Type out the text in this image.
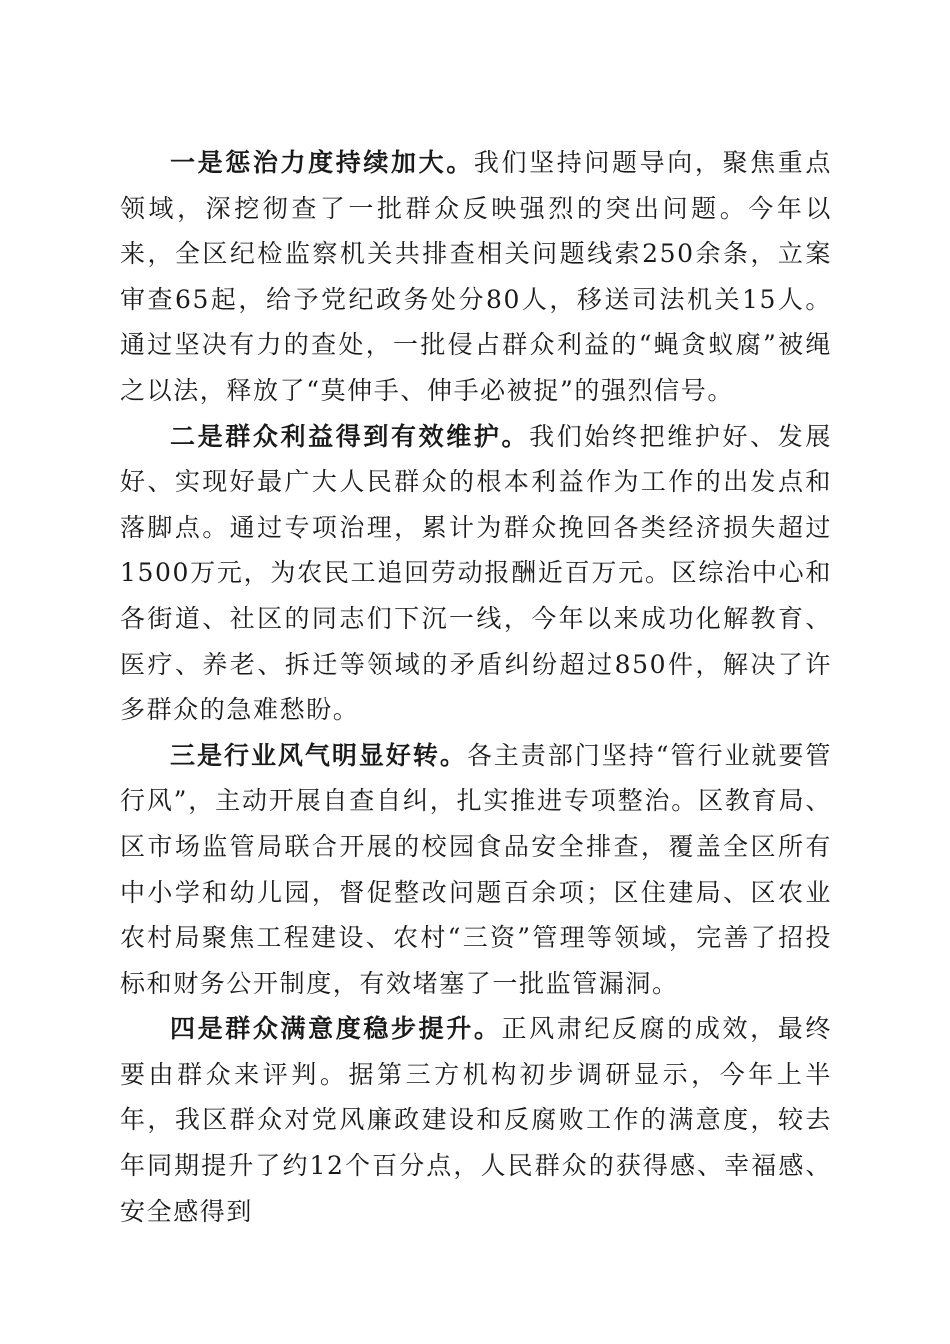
一是惩治力度持续加大。我们坚持问题导向，聚焦重点领域，深挖彻查了一批群众反映强烈的突出问题。今年以来，全区纪检监察机关共排查相关问题线索250余条，立案审查65起，给予党纪政务处分80人，移送司法机关15人。通过坚决有力的查处，一批侵占群众利益的“蝇贪蚁腐”被绳之以法，释放了“莫伸手、伸手必被捉”的强烈信号。

二是群众利益得到有效维护。我们始终把维护好、发展好、实现好最广大人民群众的根本利益作为工作的出发点和落脚点。通过专项治理，累计为群众挽回各类经济损失超过1500万元，为农民工追回劳动报酬近百万元。区综治中心和各街道、社区的同志们下沉一线，今年以来成功化解教育、医疗、养老、拆迁等领域的矛盾纠纷超过850件，解决了许多群众的急难愁盼。

三是行业风气明显好转。各主责部门坚持“管行业就要管行风”，主动开展自查自纠，扎实推进专项整治。区教育局、区市场监管局联合开展的校园食品安全排查，覆盖全区所有中小学和幼儿园，督促整改问题百余项；区住建局、区农业农村局聚焦工程建设、农村“三资”管理等领域，完善了招投标和财务公开制度，有效堵塞了一批监管漏洞。

四是群众满意度稳步提升。正风肃纪反腐的成效，最终要由群众来评判。据第三方机构初步调研显示，今年上半年，我区群众对党风廉政建设和反腐败工作的满意度，较去年同期提升了约12个百分点，人民群众的获得感、幸福感、安全感得到
